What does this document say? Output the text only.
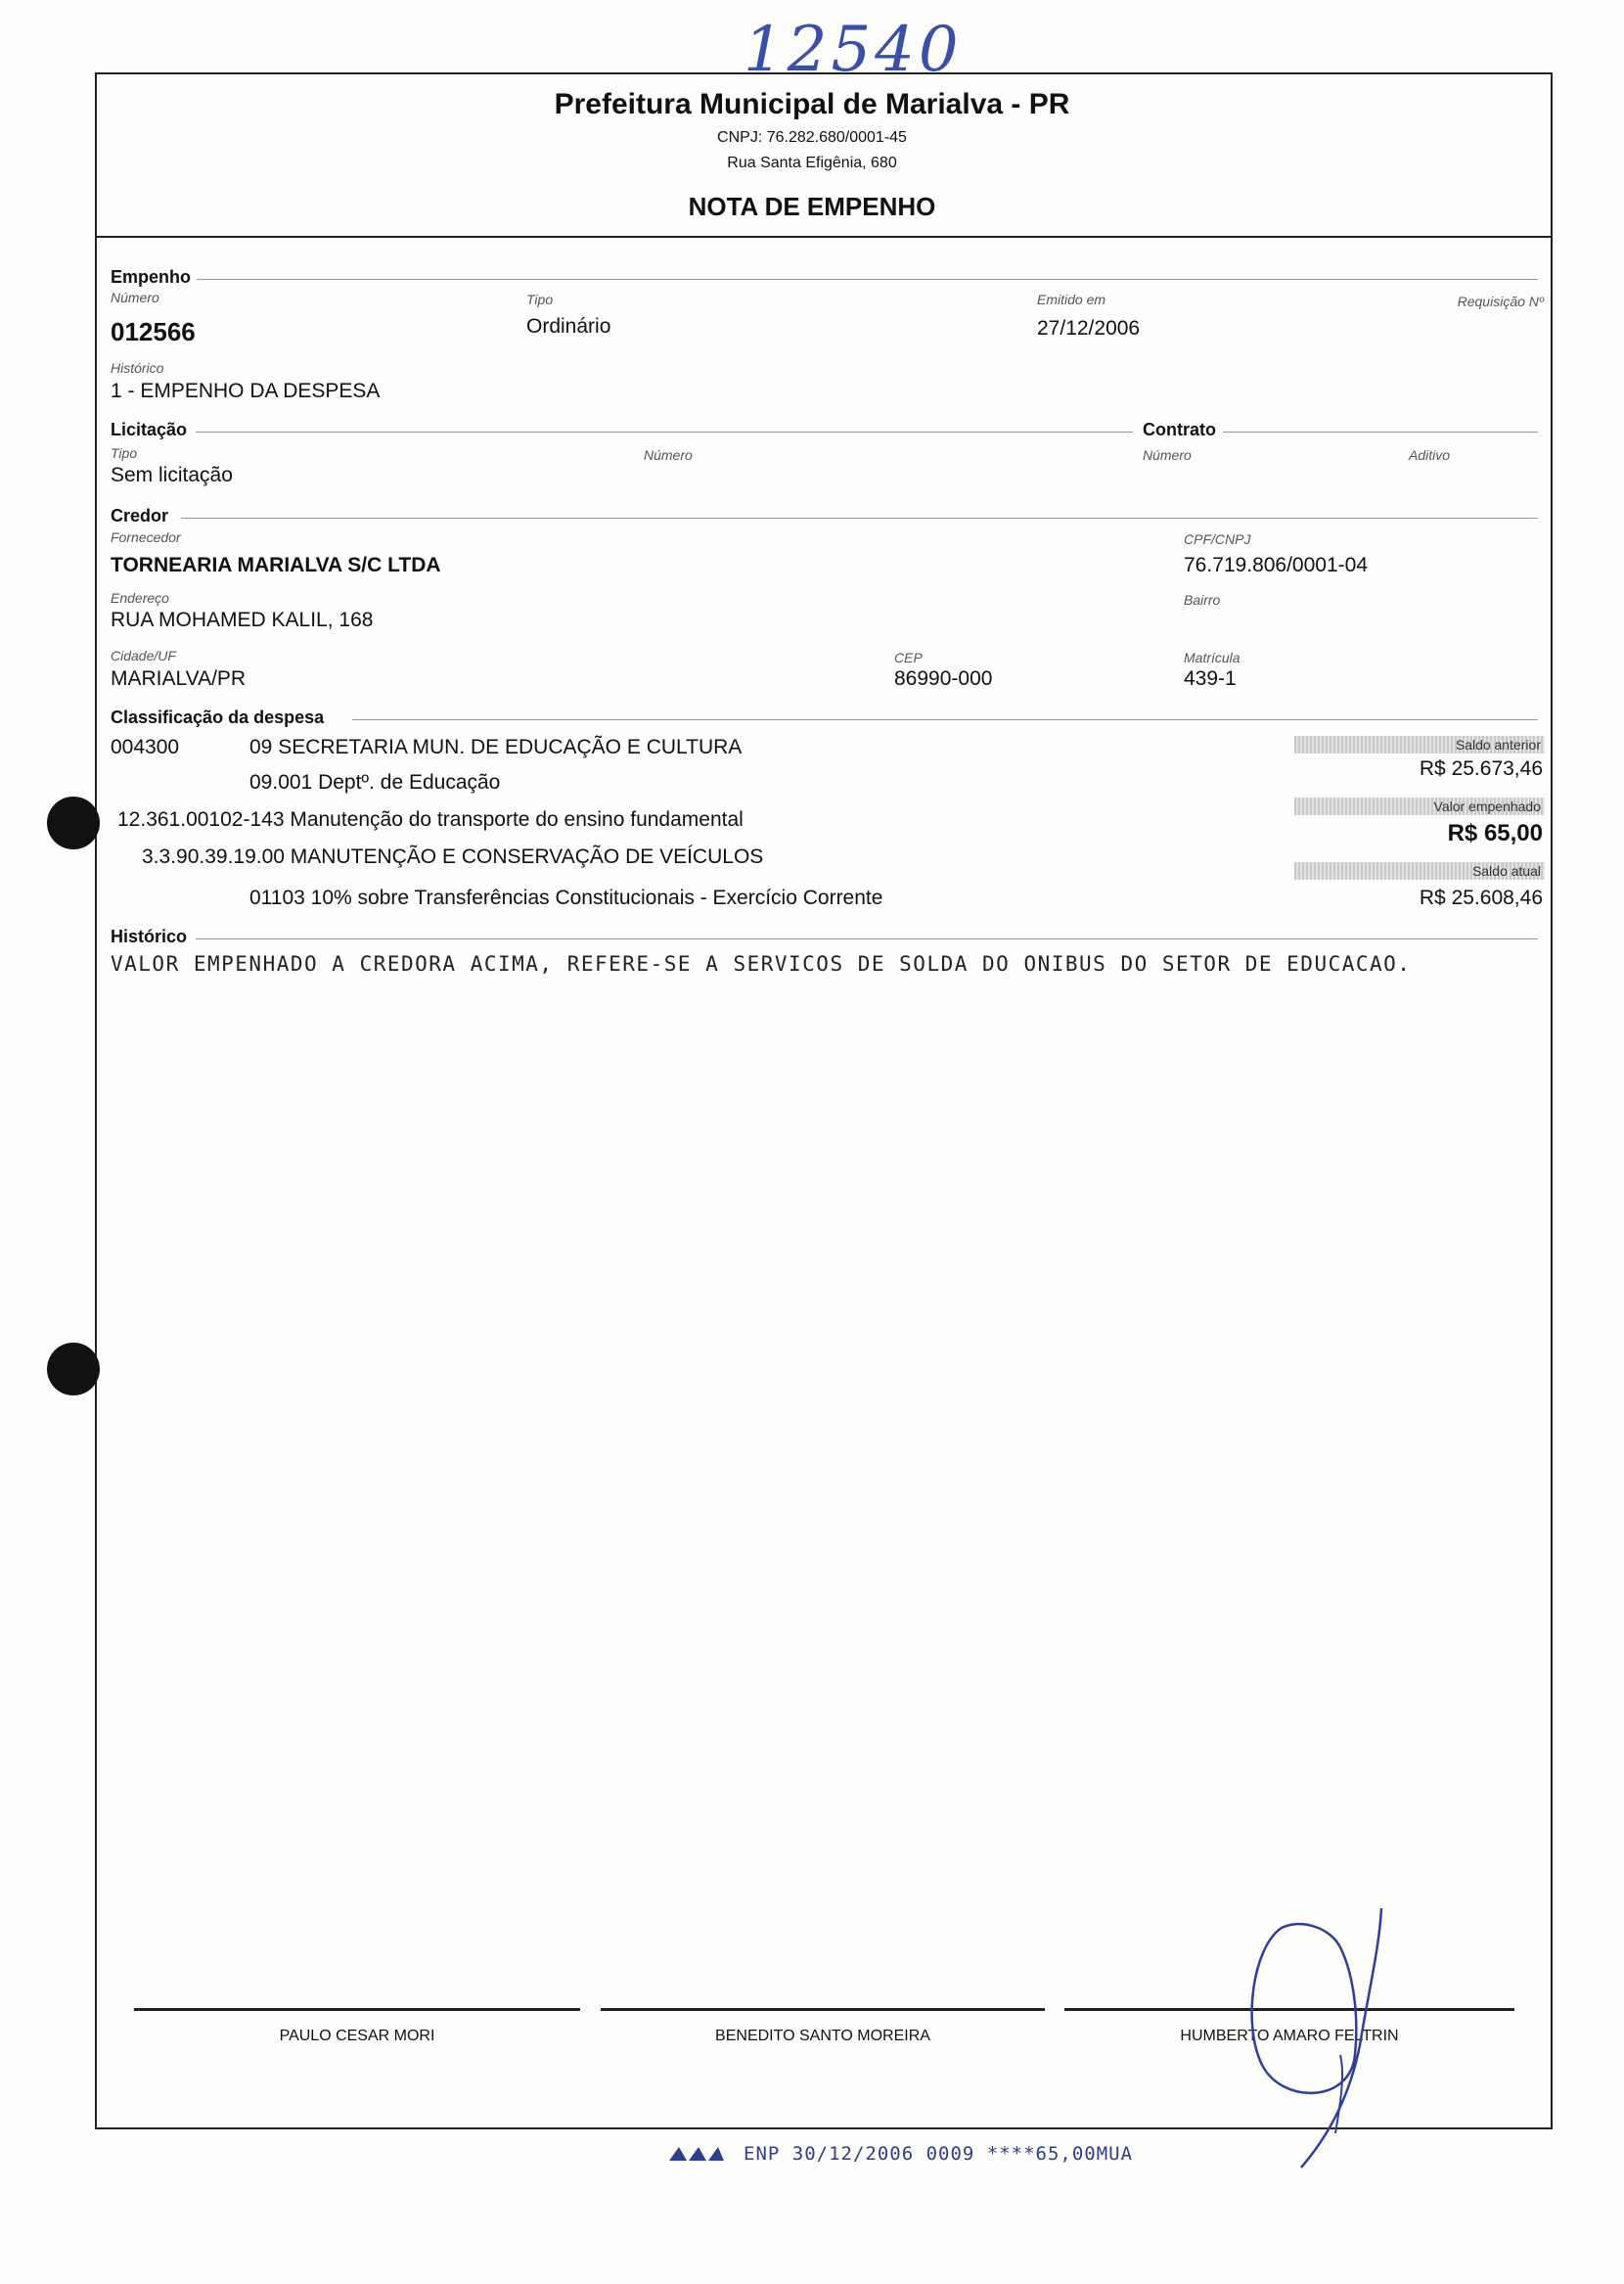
12540
Prefeitura Municipal de Marialva - PR
CNPJ: 76.282.680/0001-45
Rua Santa Efigênia, 680
NOTA DE EMPENHO
Empenho
Número
012566
Tipo
Ordinário
Emitido em
27/12/2006
Requisição Nº
Histórico
1 - EMPENHO DA DESPESA
Licitação	Contrato
Tipo
Sem licitação
Número	Número	Aditivo
Credor
Fornecedor
TORNEARIA MARIALVA S/C LTDA
CPF/CNPJ
76.719.806/0001-04
Endereço
RUA MOHAMED KALIL, 168
Bairro
Cidade/UF
MARIALVA/PR
CEP
86990-000
Matrícula
439-1
Classificação da despesa
004300	09 SECRETARIA MUN. DE EDUCAÇÃO E CULTURA
09.001 Deptº. de Educação
12.361.00102-143 Manutenção do transporte do ensino fundamental
3.3.90.39.19.00 MANUTENÇÃO E CONSERVAÇÃO DE VEÍCULOS
01103 10% sobre Transferências Constitucionais - Exercício Corrente
Saldo anterior
R$ 25.673,46
Valor empenhado
R$ 65,00
Saldo atual
R$ 25.608,46
Histórico
VALOR EMPENHADO A CREDORA ACIMA, REFERE-SE A SERVICOS DE SOLDA DO ONIBUS DO SETOR DE EDUCACAO.
PAULO CESAR MORI	BENEDITO SANTO MOREIRA	HUMBERTO AMARO FELTRIN
ENP 30/12/2006 0009 ****65,00MUA
